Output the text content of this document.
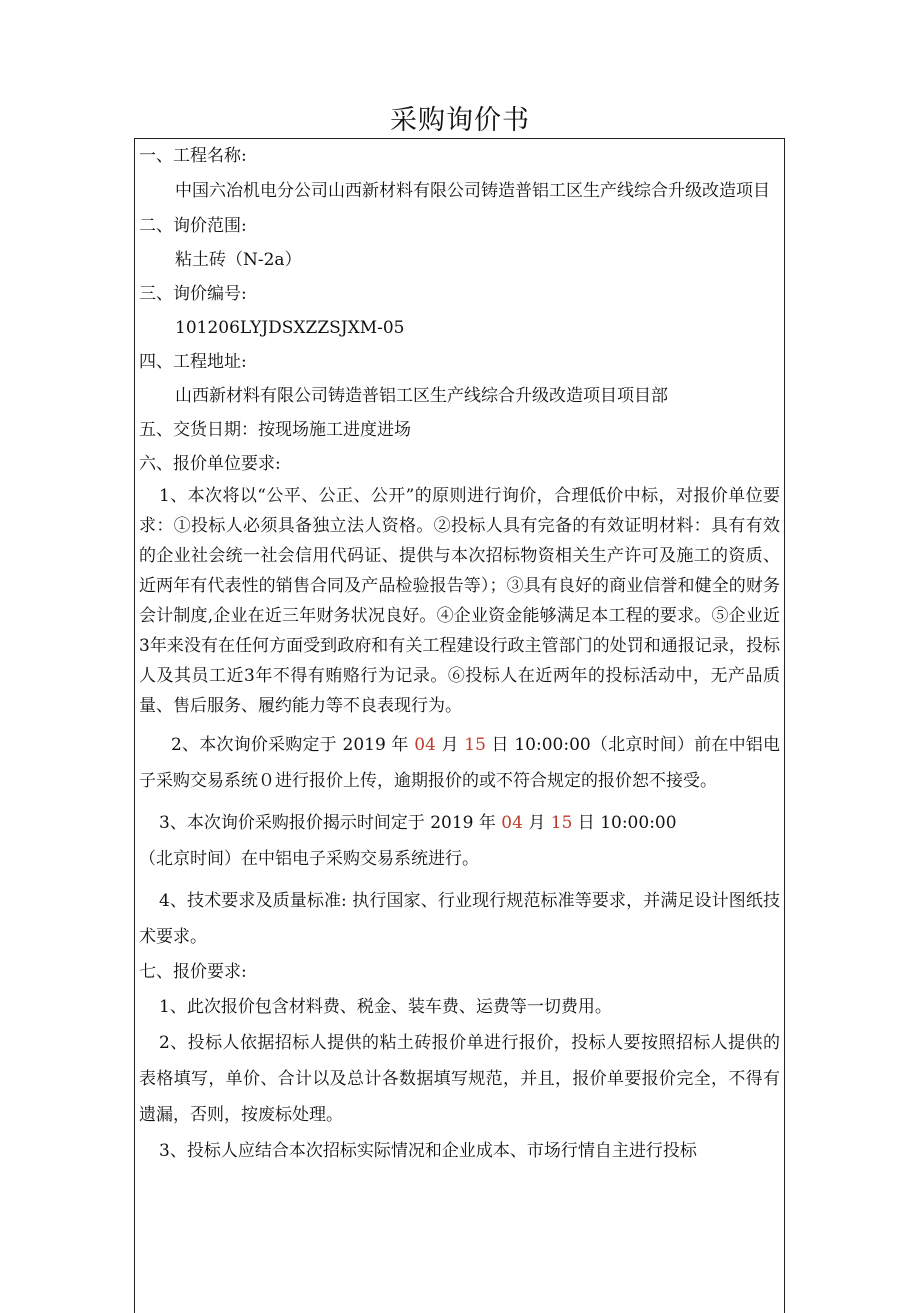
采购询价书
一、工程名称:
中国六冶机电分公司山西新材料有限公司铸造普铝工区生产线综合升级改造项目
二、询价范围:
粘土砖（N-2a）
三、询价编号:
101206LYJDSXZZSJXM-05
四、工程地址:
山西新材料有限公司铸造普铝工区生产线综合升级改造项目项目部
五、交货日期：按现场施工进度进场
六、报价单位要求:
1、本次将以“公平、公正、公开”的原则进行询价，合理低价中标，对报价单位要求：①投标人必须具备独立法人资格。②投标人具有完备的有效证明材料：具有有效的企业社会统一社会信用代码证、提供与本次招标物资相关生产许可及施工的资质、近两年有代表性的销售合同及产品检验报告等）；③具有良好的商业信誉和健全的财务会计制度,企业在近三年财务状况良好。④企业资金能够满足本工程的要求。⑤企业近3年来没有在任何方面受到政府和有关工程建设行政主管部门的处罚和通报记录，投标人及其员工近3年不得有贿赂行为记录。⑥投标人在近两年的投标活动中，无产品质量、售后服务、履约能力等不良表现行为。
2、本次询价采购定于 2019 年 04 月 15 日 10:00:00（北京时间）前在中铝电子采购交易系统０进行报价上传，逾期报价的或不符合规定的报价恕不接受。
3、本次询价采购报价揭示时间定于 2019 年 04 月 15 日 10:00:00
（北京时间）在中铝电子采购交易系统进行。
4、技术要求及质量标准: 执行国家、行业现行规范标准等要求，并满足设计图纸技术要求。
七、报价要求:
1、此次报价包含材料费、税金、装车费、运费等一切费用。
2、投标人依据招标人提供的粘土砖报价单进行报价，投标人要按照招标人提供的表格填写，单价、合计以及总计各数据填写规范，并且，报价单要报价完全，不得有遗漏，否则，按废标处理。
3、投标人应结合本次招标实际情况和企业成本、市场行情自主进行投标
